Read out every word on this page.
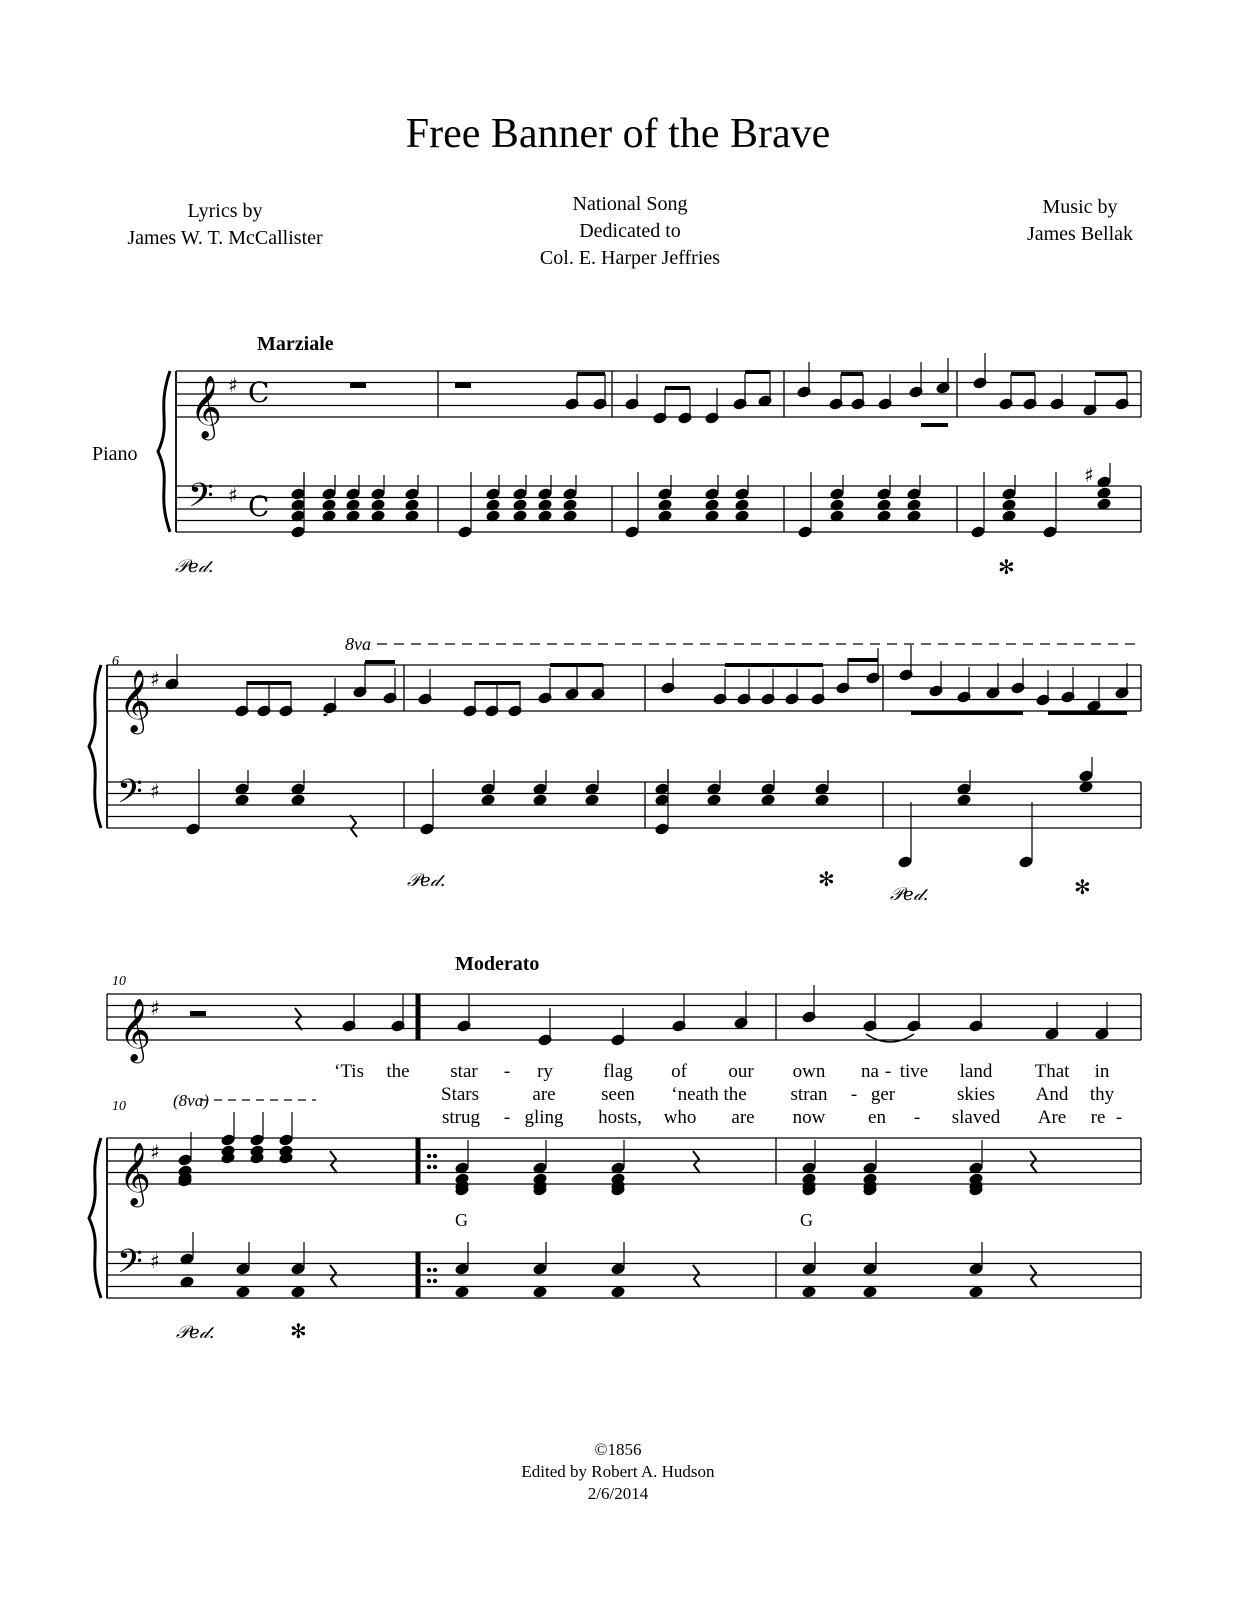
Free Banner of the Brave
Lyrics by
James W. T. McCallister
National Song
Dedicated to
Col. E. Harper Jeffries
Music by
James Bellak
Marziale
Moderato
Piano
6
10
10
8va
(8va)
G	G
‘Tis the star - ry	flag of our own na - tive land That in
Stars	are seen ‘neath the stran - ger	skies And thy
strug - gling hosts, who are now en - slaved Are re -
©1856
Edited by Robert A. Hudson
2/6/2014
𝄞
𝄢
♯
♯
C
C
♯
𝒫𝑒𝒹.	✻
𝄞
𝄢
♯
♯
♪
𝒫𝑒𝒹.	✻
𝒫𝑒𝒹.	✻
𝄞
𝄞
𝄢
♯
♯
♯
𝒫𝑒𝒹.	✻
